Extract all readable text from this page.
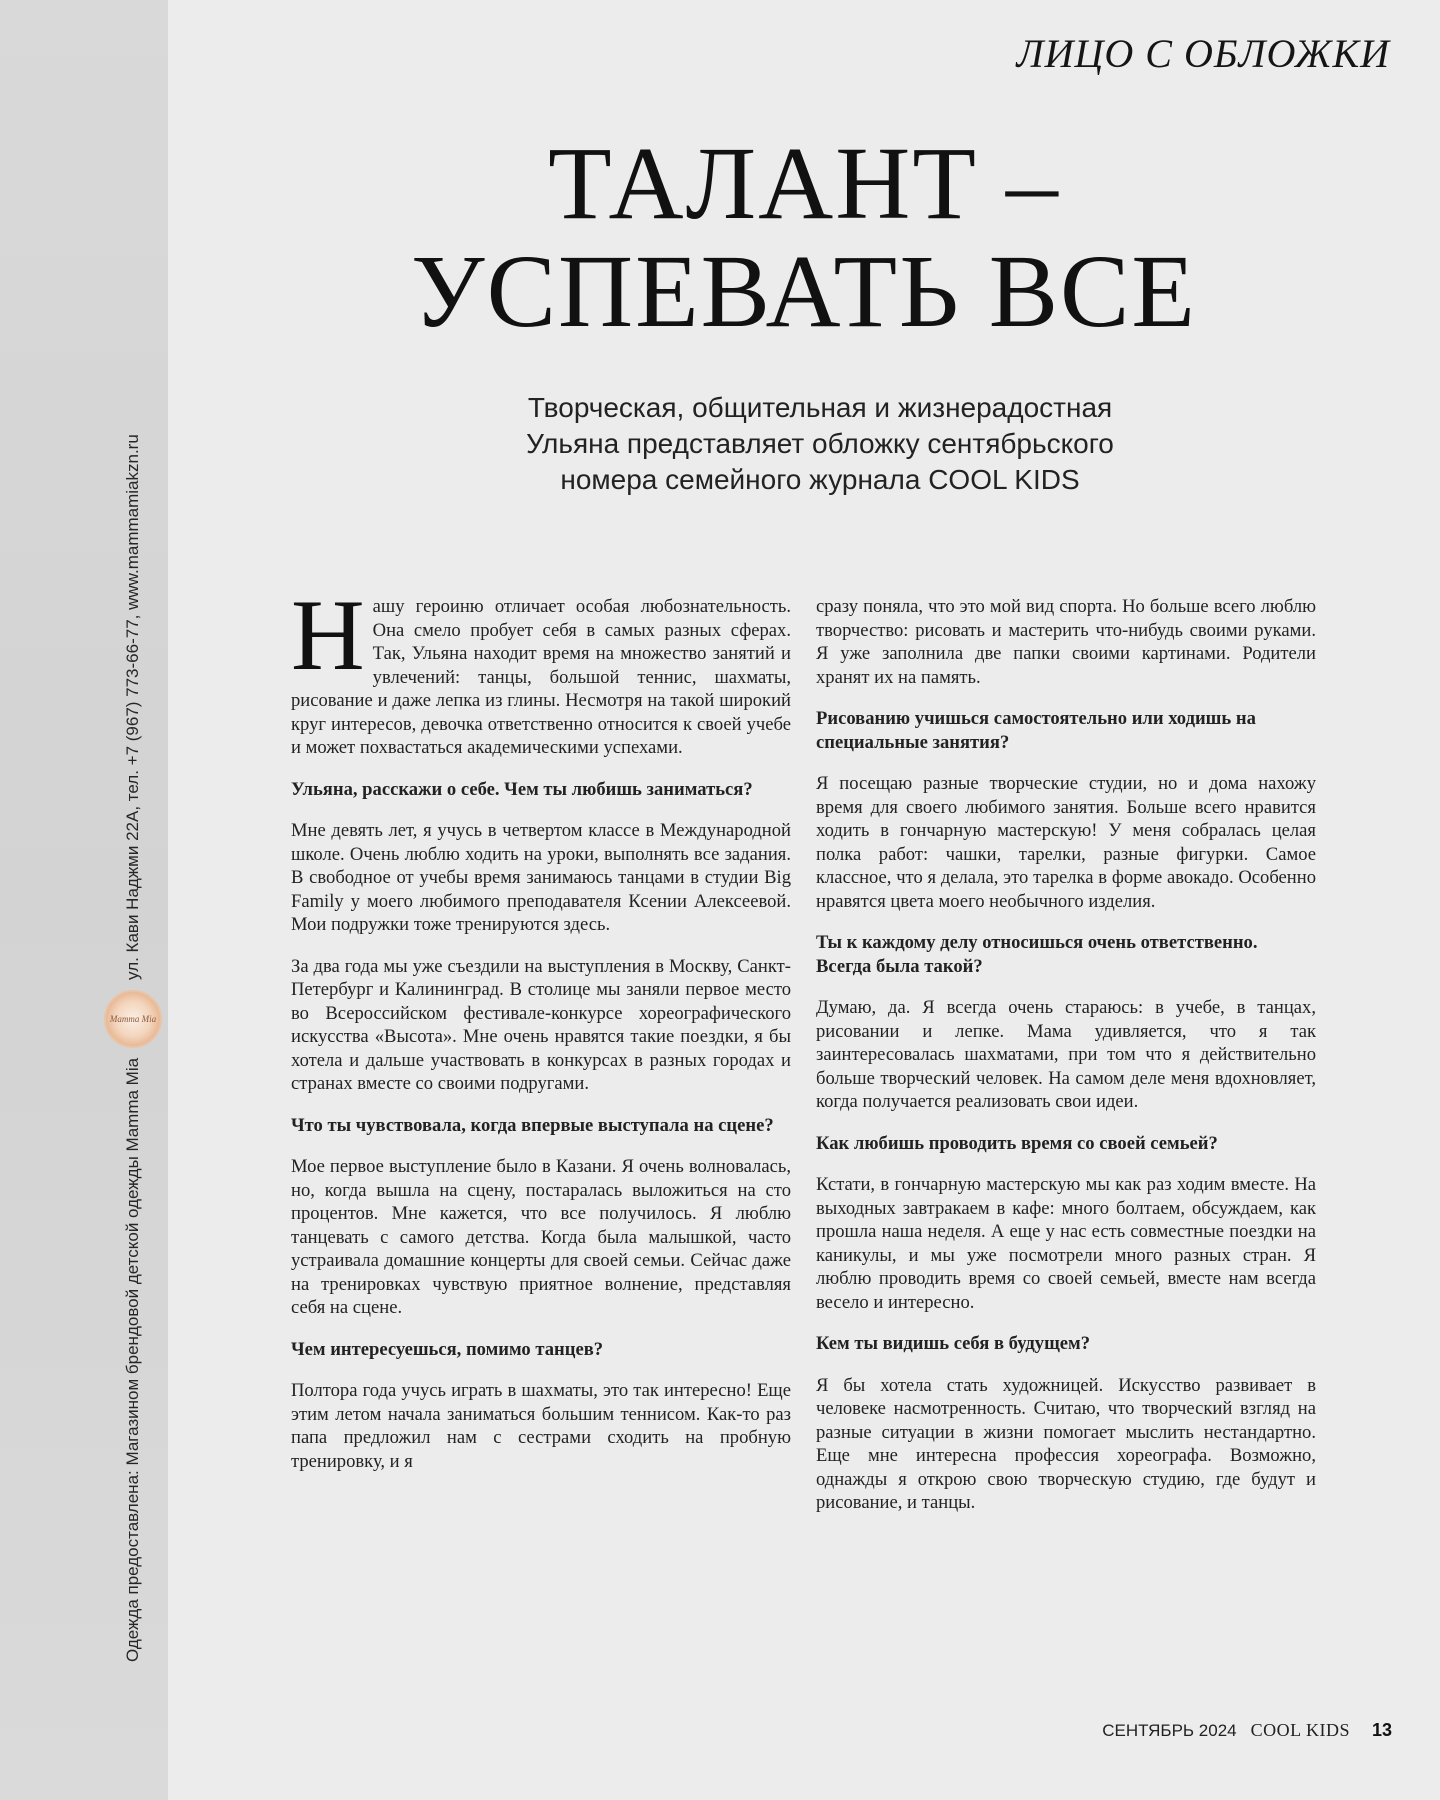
Одежда предоставлена: Магазином брендовой детской одежды Mamma Mia
Mamma Mia
ул. Кави Наджми 22А, тел. +7 (967) 773-66-77, www.mammamiakzn.ru
ЛИЦО С ОБЛОЖКИ
ТАЛАНТ –
УСПЕВАТЬ ВСЕ
Творческая, общительная и жизнерадостная
Ульяна представляет обложку сентябрьского
номера семейного журнала COOL KIDS

Нашу героиню отличает особая любознательность. Она смело пробует себя в самых разных сферах. Так, Ульяна находит время на множество занятий и увлечений: танцы, большой теннис, шахматы, рисование и даже лепка из глины. Несмотря на такой широкий круг интересов, девочка ответственно относится к своей учебе и может похвастаться академическими успехами.

Ульяна, расскажи о себе. Чем ты любишь заниматься?

Мне девять лет, я учусь в четвертом классе в Международной школе. Очень люблю ходить на уроки, выполнять все задания. В свободное от учебы время занимаюсь танцами в студии Big Family у моего любимого преподавателя Ксении Алексеевой. Мои подружки тоже тренируются здесь.

За два года мы уже съездили на выступления в Москву, Санкт-Петербург и Калининград. В столице мы заняли первое место во Всероссийском фестивале-конкурсе хореографического искусства «Высота». Мне очень нравятся такие поездки, я бы хотела и дальше участвовать в конкурсах в разных городах и странах вместе со своими подругами.

Что ты чувствовала, когда впервые выступала на сцене?

Мое первое выступление было в Казани. Я очень волновалась, но, когда вышла на сцену, постаралась выложиться на сто процентов. Мне кажется, что все получилось. Я люблю танцевать с самого детства. Когда была малышкой, часто устраивала домашние концерты для своей семьи. Сейчас даже на тренировках чувствую приятное волнение, представляя себя на сцене.

Чем интересуешься, помимо танцев?

Полтора года учусь играть в шахматы, это так интересно! Еще этим летом начала заниматься большим теннисом. Как-то раз папа предложил нам с сестрами сходить на пробную тренировку, и я

сразу поняла, что это мой вид спорта. Но больше всего люблю творчество: рисовать и мастерить что-нибудь своими руками. Я уже заполнила две папки своими картинами. Родители хранят их на память.

Рисованию учишься самостоятельно или ходишь на специальные занятия?

Я посещаю разные творческие студии, но и дома нахожу время для своего любимого занятия. Больше всего нравится ходить в гончарную мастерскую! У меня собралась целая полка работ: чашки, тарелки, разные фигурки. Самое классное, что я делала, это тарелка в форме авокадо. Особенно нравятся цвета моего необычного изделия.

Ты к каждому делу относишься очень ответственно. Всегда была такой?

Думаю, да. Я всегда очень стараюсь: в учебе, в танцах, рисовании и лепке. Мама удивляется, что я так заинтересовалась шахматами, при том что я действительно больше творческий человек. На самом деле меня вдохновляет, когда получается реализовать свои идеи.

Как любишь проводить время со своей семьей?

Кстати, в гончарную мастерскую мы как раз ходим вместе. На выходных завтракаем в кафе: много болтаем, обсуждаем, как прошла наша неделя. А еще у нас есть совместные поездки на каникулы, и мы уже посмотрели много разных стран. Я люблю проводить время со своей семьей, вместе нам всегда весело и интересно.

Кем ты видишь себя в будущем?

Я бы хотела стать художницей. Искусство развивает в человеке насмотренность. Считаю, что творческий взгляд на разные ситуации в жизни помогает мыслить нестандартно. Еще мне интересна профессия хореографа. Возможно, однажды я открою свою творческую студию, где будут и рисование, и танцы.

СЕНТЯБРЬ 2024 COOL KIDS 13
